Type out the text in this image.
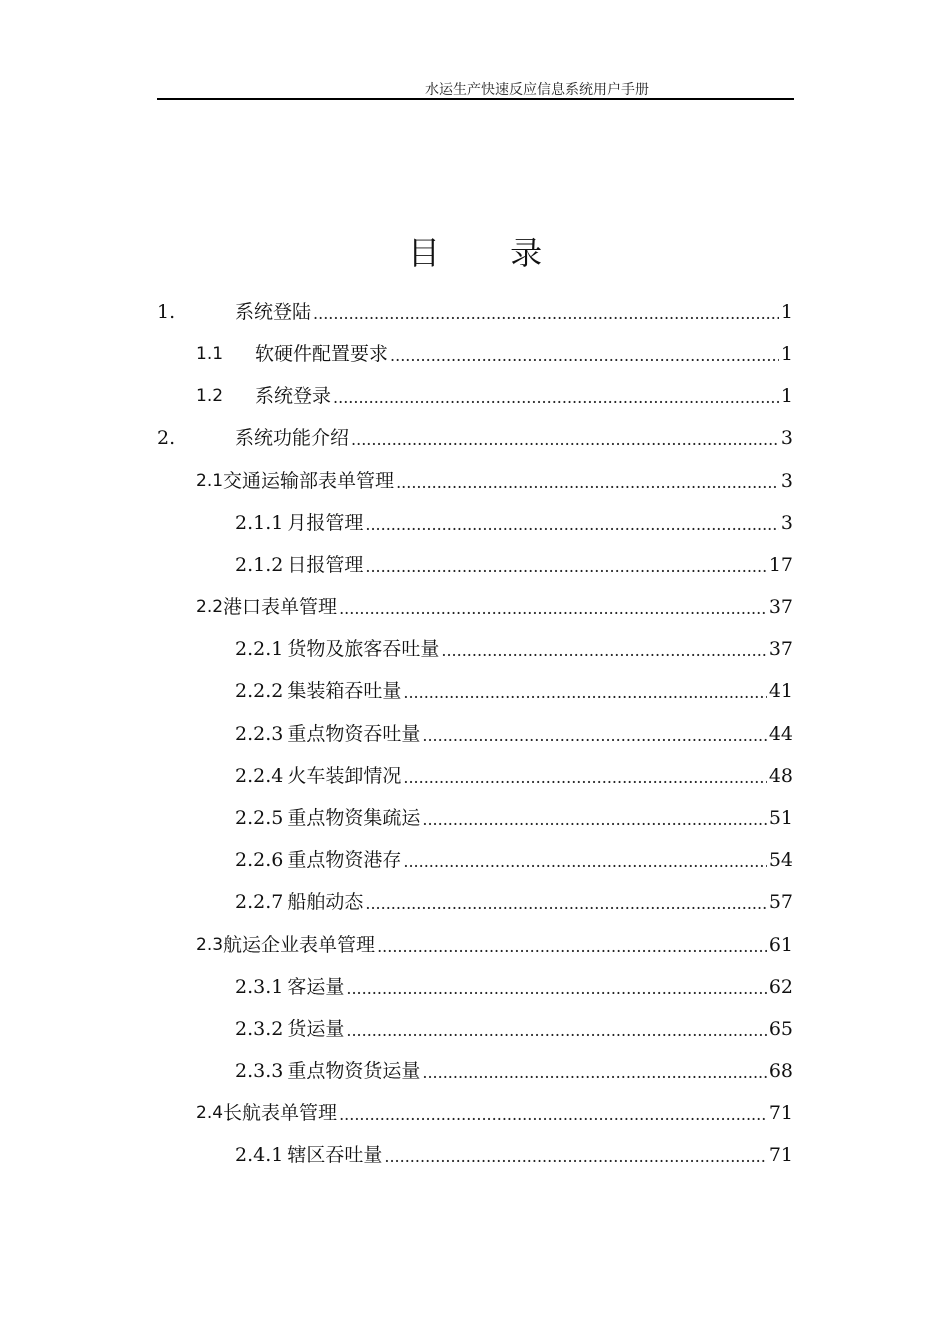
水运生产快速反应信息系统用户手册
目 录
1.	系统登陆 .....	1
1.1	软硬件配置要求 .....	1
1.2	系统登录 .....	1
2.	系统功能介绍 .....	3
2.1 交通运输部表单管理 .....	3
2.1.1 月报管理 .....	3
2.1.2 日报管理 .....	17
2.2 港口表单管理 .....	37
2.2.1 货物及旅客吞吐量 .....	37
2.2.2 集装箱吞吐量 .....	41
2.2.3 重点物资吞吐量 .....	44
2.2.4 火车装卸情况 .....	48
2.2.5 重点物资集疏运 .....	51
2.2.6 重点物资港存 .....	54
2.2.7 船舶动态 .....	57
2.3 航运企业表单管理 .....	61
2.3.1 客运量 .....	62
2.3.2 货运量 .....	65
2.3.3 重点物资货运量 .....	68
2.4 长航表单管理 .....	71
2.4.1 辖区吞吐量 .....	71
